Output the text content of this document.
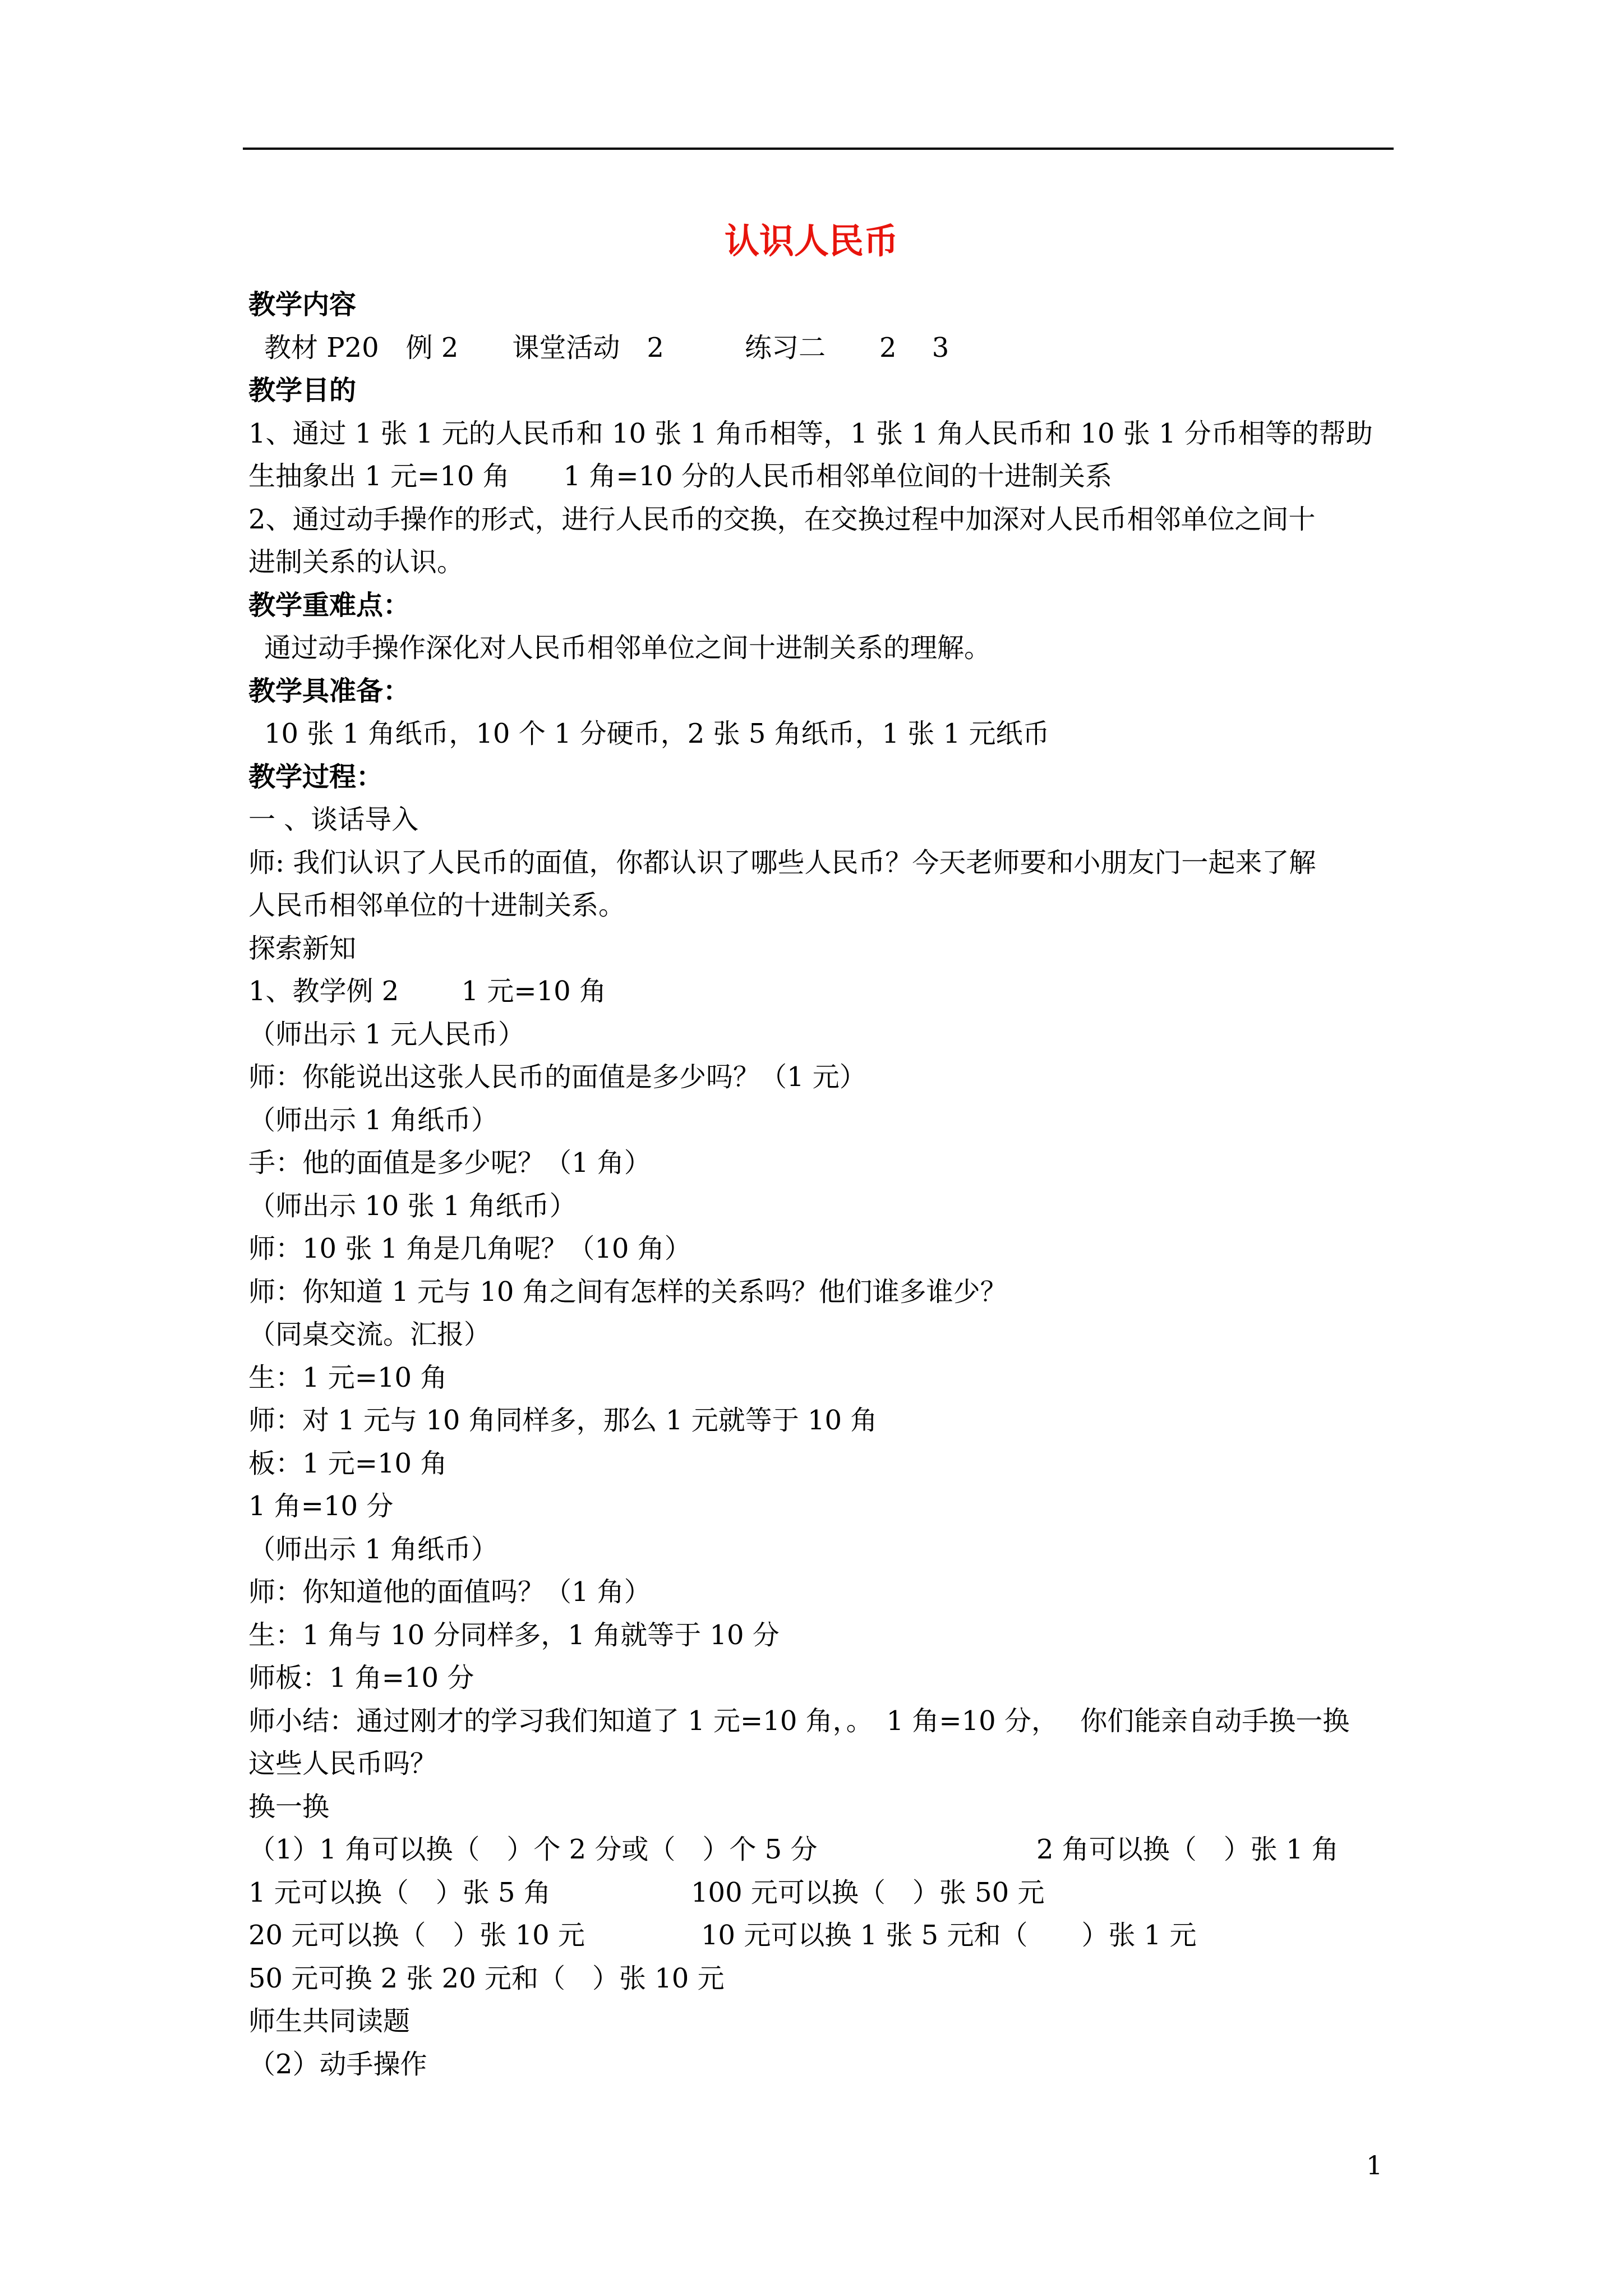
认识人民币
教学内容
教材 P20　例 2　　课堂活动　2　　　练习二　　2　 3
教学目的
1、通过 1 张 1 元的人民币和 10 张 1 角币相等，1 张 1 角人民币和 10 张 1 分币相等的帮助
生抽象出 1 元=10 角　　1 角=10 分的人民币相邻单位间的十进制关系
2、通过动手操作的形式，进行人民币的交换，在交换过程中加深对人民币相邻单位之间十
进制关系的认识。
教学重难点：
通过动手操作深化对人民币相邻单位之间十进制关系的理解。
教学具准备：
10 张 1 角纸币，10 个 1 分硬币，2 张 5 角纸币，1 张 1 元纸币
教学过程：
一 、谈话导入
师: 我们认识了人民币的面值，你都认识了哪些人民币？今天老师要和小朋友门一起来了解
人民币相邻单位的十进制关系。
探索新知
1、教学例 2　　 1 元=10 角
（师出示 1 元人民币）
师：你能说出这张人民币的面值是多少吗？（1 元）
（师出示 1 角纸币）
手：他的面值是多少呢？（1 角）
（师出示 10 张 1 角纸币）
师：10 张 1 角是几角呢？（10 角）
师：你知道 1 元与 10 角之间有怎样的关系吗？他们谁多谁少？
（同桌交流。汇报）
生：1 元=10 角
师：对 1 元与 10 角同样多，那么 1 元就等于 10 角
板：1 元=10 角
1 角=10 分
（师出示 1 角纸币）
师：你知道他的面值吗？（1 角）
生：1 角与 10 分同样多，1 角就等于 10 分
师板：1 角=10 分
师小结：通过刚才的学习我们知道了 1 元=10 角，。　1 角=10 分，　 你们能亲自动手换一换
这些人民币吗？
换一换
（1）1 角可以换（　）个 2 分或（　）个 5 分	2 角可以换（　）张 1 角
1 元可以换（　）张 5 角	100 元可以换（　）张 50 元
20 元可以换（　）张 10 元	10 元可以换 1 张 5 元和（　　）张 1 元
50 元可换 2 张 20 元和（　）张 10 元
师生共同读题
（2）动手操作
1
